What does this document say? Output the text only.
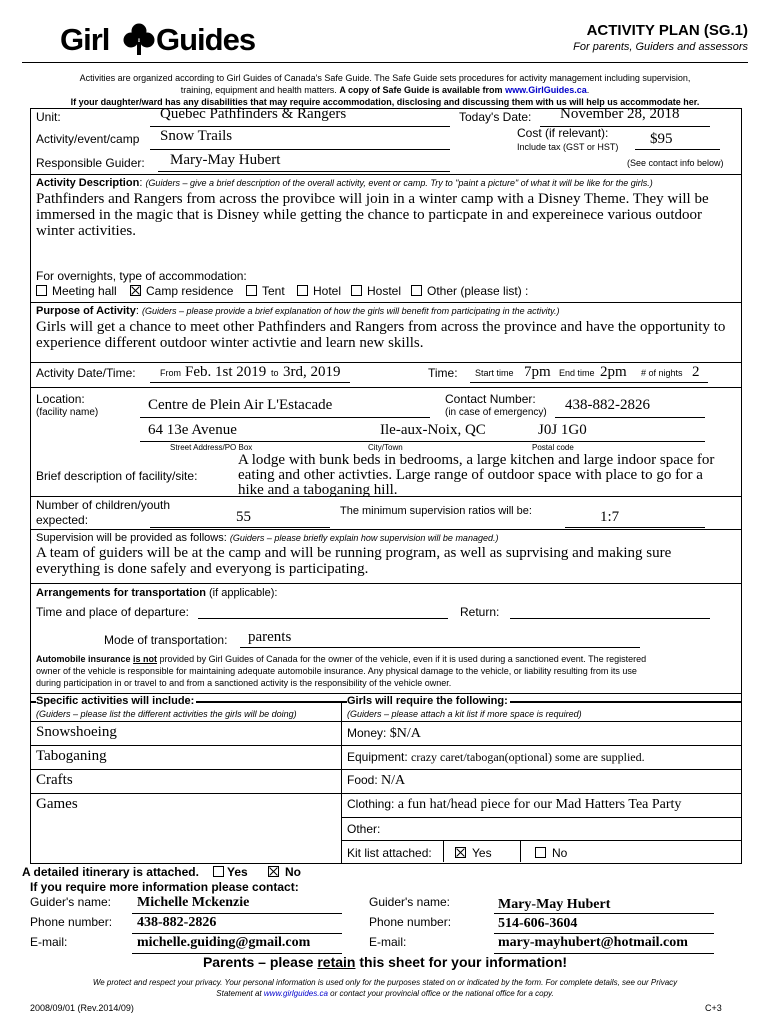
Girl Guides	ACTIVITY PLAN (SG.1)
For parents, Guiders and assessors
Activities are organized according to Girl Guides of Canada's Safe Guide. The Safe Guide sets procedures for activity management including supervision,
training, equipment and health matters. A copy of Safe Guide is available from www.GirlGuides.ca.
If your daughter/ward has any disabilities that may require accommodation, disclosing and discussing them with us will help us accommodate her.
Unit:	Quebec Pathfinders & Rangers	Today's Date: November 28, 2018
Activity/event/camp Snow Trails	Cost (if relevant):	$95
Include tax (GST or HST)
Responsible Guider: Mary-May Hubert	(See contact info below)
Activity Description: (Guiders – give a brief description of the overall activity, event or camp. Try to "paint a picture" of what it will be like for the girls.)
Pathfinders and Rangers from across the provibce will join in a winter camp with a Disney Theme. They will be
immersed in the magic that is Disney while getting the chance to particpate in and expereinece various outdoor
winter activities.
For overnights, type of accommodation:
Meeting hall Camp residence Tent Hotel Hostel Other (please list) :
Purpose of Activity: (Guiders – please provide a brief explanation of how the girls will benefit from participating in the activity.)
Girls will get a chance to meet other Pathfinders and Rangers from across the province and have the opportunity to
experience different outdoor winter activtie and learn new skills.
Activity Date/Time:	From Feb. 1st 2019 to 3rd, 2019	Time: Start time 7pm End time 2pm # of nights 2
Location:
(facility name)	Centre de Plein Air L'Estacade	Contact Number:
(in case of emergency) 438-882-2826
64 13e Avenue	Ile-aux-Noix, QC	J0J 1G0
Street Address/PO Box	City/Town	Postal code
Brief description of facility/site:
A lodge with bunk beds in bedrooms, a large kitchen and large indoor space for
eating and other activties. Large range of outdoor space with place to go for a
hike and a taboganing hill.
Number of children/youth
expected:	55	The minimum supervision ratios will be:	1:7
Supervision will be provided as follows: (Guiders – please briefly explain how supervision will be managed.)
A team of guiders will be at the camp and will be running program, as well as suprvising and making sure
everything is done safely and everyong is participating.
Arrangements for transportation (if applicable):
Time and place of departure:	Return:
Mode of transportation: parents
Automobile insurance is not provided by Girl Guides of Canada for the owner of the vehicle, even if it is used during a sanctioned event. The registered
owner of the vehicle is responsible for maintaining adequate automobile insurance. Any physical damage to the vehicle, or liability resulting from its use
during participation in or travel to and from a sanctioned activity is the responsibility of the vehicle owner.
Specific activities will include:
(Guiders – please list the different activities the girls will be doing)
Girls will require the following:
(Guiders – please attach a kit list if more space is required)
Snowshoeing
Taboganing
Crafts
Games
Money: $N/A
Equipment: crazy caret/tabogan(optional) some are supplied.
Food: N/A
Clothing: a fun hat/head piece for our Mad Hatters Tea Party
Other:
Kit list attached:	Yes	No
A detailed itinerary is attached. Yes	No
If you require more information please contact:
Guider's name: Michelle Mckenzie
Phone number: 438-882-2826
E-mail:	michelle.guiding@gmail.com
Guider's name:	Mary-May Hubert
Phone number:	514-606-3604
E-mail:	mary-mayhubert@hotmail.com
Parents – please retain this sheet for your information!
We protect and respect your privacy. Your personal information is used only for the purposes stated on or indicated by the form. For complete details, see our Privacy
Statement at www.girlguides.ca or contact your provincial office or the national office for a copy.
2008/09/01 (Rev.2014/09)	C+3
